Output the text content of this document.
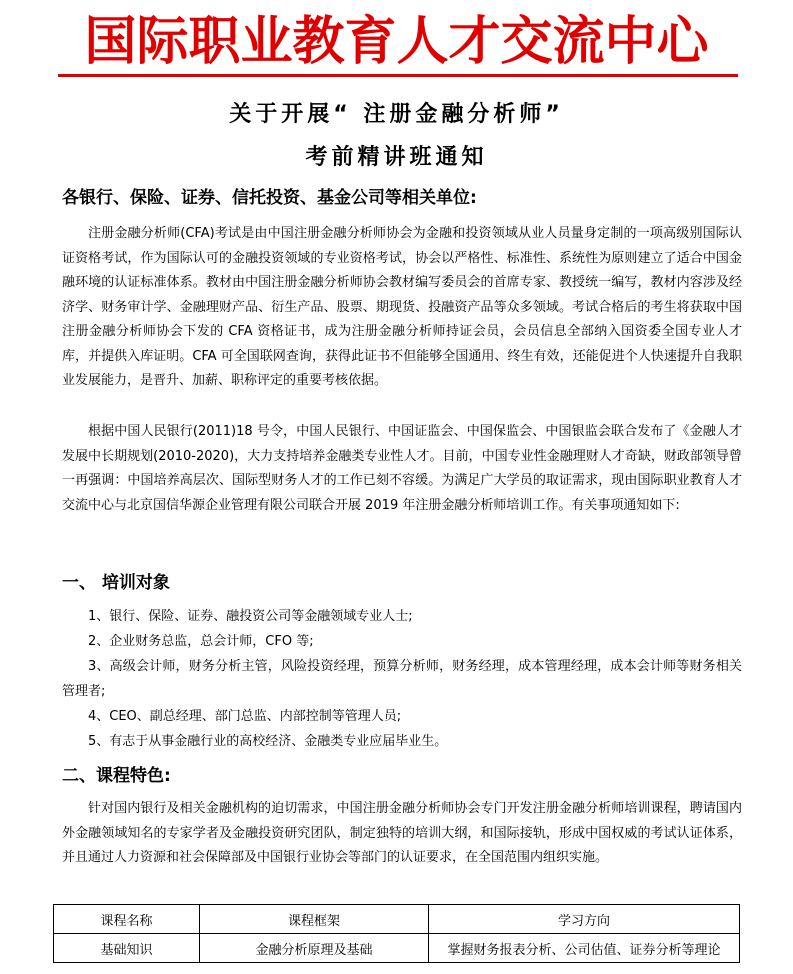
国际职业教育人才交流中心
关于开展“ 注册金融分析师”
考前精讲班通知
各银行、保险、证券、信托投资、基金公司等相关单位:
注册金融分析师(CFA)考试是由中国注册金融分析师协会为金融和投资领域从业人员量身定制的一项高级别国际认证资格考试，作为国际认可的金融投资领域的专业资格考试，协会以严格性、标准性、系统性为原则建立了适合中国金融环境的认证标准体系。教材由中国注册金融分析师协会教材编写委员会的首席专家、教授统一编写，教材内容涉及经济学、财务审计学、金融理财产品、衍生产品、股票、期现货、投融资产品等众多领域。考试合格后的考生将获取中国注册金融分析师协会下发的 CFA 资格证书，成为注册金融分析师持证会员，会员信息全部纳入国资委全国专业人才库，并提供入库证明。CFA 可全国联网查询，获得此证书不但能够全国通用、终生有效，还能促进个人快速提升自我职业发展能力，是晋升、加薪、职称评定的重要考核依据。
根据中国人民银行(2011)18 号令，中国人民银行、中国证监会、中国保监会、中国银监会联合发布了《金融人才发展中长期规划(2010-2020)，大力支持培养金融类专业性人才。目前，中国专业性金融理财人才奇缺，财政部领导曾一再强调：中国培养高层次、国际型财务人才的工作已刻不容缓。为满足广大学员的取证需求，现由国际职业教育人才交流中心与北京国信华源企业管理有限公司联合开展 2019 年注册金融分析师培训工作。有关事项通知如下:
一、 培训对象
1、银行、保险、证券、融投资公司等金融领域专业人士;
2、企业财务总监，总会计师，CFO 等;
3、高级会计师，财务分析主管，风险投资经理，预算分析师，财务经理，成本管理经理，成本会计师等财务相关管理者;
4、CEO、副总经理、部门总监、内部控制等管理人员;
5、有志于从事金融行业的高校经济、金融类专业应届毕业生。
二、课程特色:
针对国内银行及相关金融机构的迫切需求，中国注册金融分析师协会专门开发注册金融分析师培训课程，聘请国内外金融领域知名的专家学者及金融投资研究团队，制定独特的培训大纲，和国际接轨，形成中国权威的考试认证体系，并且通过人力资源和社会保障部及中国银行业协会等部门的认证要求，在全国范围内组织实施。
课程名称	课程框架	学习方向
基础知识	金融分析原理及基础	掌握财务报表分析、公司估值、证券分析等理论
